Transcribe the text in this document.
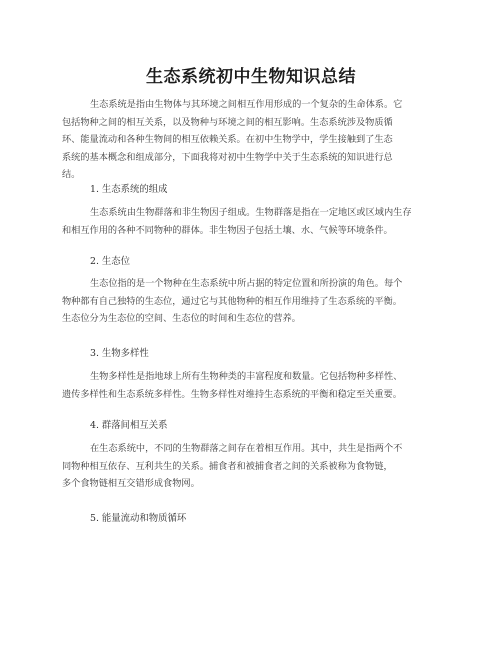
生态系统初中生物知识总结
生态系统是指由生物体与其环境之间相互作用形成的一个复杂的生命体系。它
包括物种之间的相互关系，以及物种与环境之间的相互影响。生态系统涉及物质循
环、能量流动和各种生物间的相互依赖关系。在初中生物学中，学生接触到了生态
系统的基本概念和组成部分，下面我将对初中生物学中关于生态系统的知识进行总
结。
1. 生态系统的组成
生态系统由生物群落和非生物因子组成。生物群落是指在一定地区或区域内生存
和相互作用的各种不同物种的群体。非生物因子包括土壤、水、气候等环境条件。
2. 生态位
生态位指的是一个物种在生态系统中所占据的特定位置和所扮演的角色。每个
物种都有自己独特的生态位，通过它与其他物种的相互作用维持了生态系统的平衡。
生态位分为生态位的空间、生态位的时间和生态位的营养。
3. 生物多样性
生物多样性是指地球上所有生物种类的丰富程度和数量。它包括物种多样性、
遗传多样性和生态系统多样性。生物多样性对维持生态系统的平衡和稳定至关重要。
4. 群落间相互关系
在生态系统中，不同的生物群落之间存在着相互作用。其中，共生是指两个不
同物种相互依存、互利共生的关系。捕食者和被捕食者之间的关系被称为食物链，
多个食物链相互交错形成食物网。
5. 能量流动和物质循环
